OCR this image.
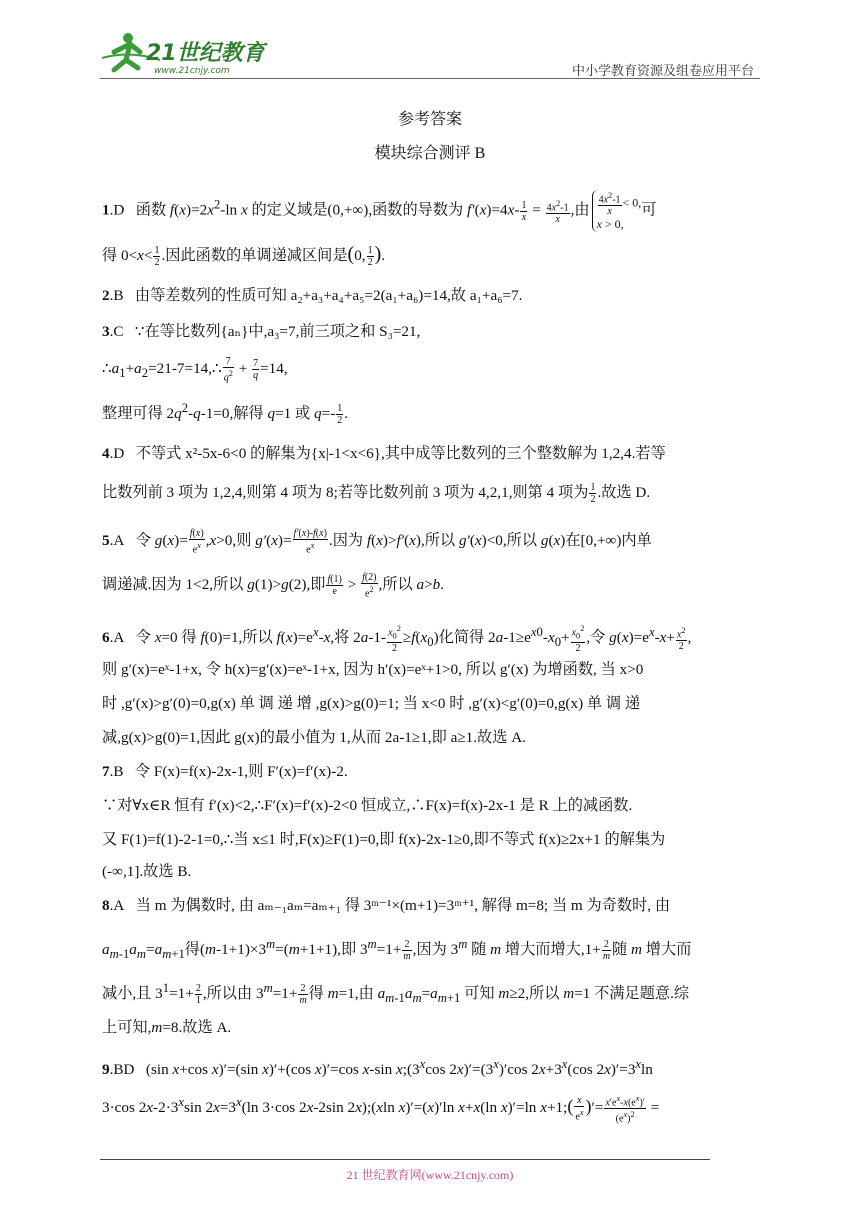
21世纪教育
www.21cnjy.com	中小学教育资源及组卷应用平台
参考答案
模块综合测评 B
1.D   函数 $f(x)=2x^2-\ln$ x 的定义域是(0,+∞),函数的导数为 $f'(x)=4x- \frac{1}{x} = \frac{4x^2-1}{x}$ ,由 $\frac{4x^2-1}{x} < 0$,
x > 0,可
得 $0<x< \frac{1}{2}$ .因此函数的单调递减区间是(0, $\frac{1}{2}$ ).
2.B 由等差数列的性质可知 a₂+a₃+a₄+a₅=2(a₁+a₆)=14,故 a₁+a₆=7.
3.C ∵在等比数列{aₙ}中,a₃=7,前三项之和 S₃=21,
$\therefore a_1+a_2=21-7=14,\therefore \frac{7}{q^2} + \frac{7}{q} =14$,
整理可得 $2q^2-q-1=0$,解得 q=1 或 $q=- \frac{1}{2}$ .
4.D 不等式 x²-5x-6<0 的解集为{x|-1<x<6},其中成等比数列的三个整数解为 1,2,4.若等
比数列前 3 项为 1,2,4,则第 4 项为 8;若等比数列前 3 项为 4,2,1,则第 4 项为 $\frac{1}{2}$ .故选 D.
5.A   令 $g(x)= \frac{f(x)}{e^x} ,x>0$,则 $g'(x)= \frac{f'(x)-f(x)}{e^x}$ .因为 f(x)>f′(x),所以 g′(x)<0,所以 g(x)在[0,+∞)内单
调递减.因为 1<2,所以 g(1)>g(2),即 $\frac{f(1)}{e} > \frac{f(2)}{e^2}$ ,所以 a>b.
6.A   令 x=0 得 f(0)=1,所以 $f(x)=e^x-x$,将 $2a-1- \frac{x_0^2}{2} \ge f(x_0)$化简得 $2a-1\ge e^{x0}-x_0+ \frac{x_0^2}{2}$ ,令 $g(x)=e^x-x+ \frac{x^2}{2}$ ,
则 g′(x)=eˣ-1+x, 令 h(x)=g′(x)=eˣ-1+x, 因为 h′(x)=eˣ+1>0, 所以 g′(x) 为增函数, 当 x>0
时 ,g′(x)>g′(0)=0,g(x) 单 调 递 增 ,g(x)>g(0)=1; 当 x<0 时 ,g′(x)<g′(0)=0,g(x) 单 调 递
减,g(x)>g(0)=1,因此 g(x)的最小值为 1,从而 2a-1≥1,即 a≥1.故选 A.
7.B 令 F(x)=f(x)-2x-1,则 F′(x)=f′(x)-2.
∵对∀x∈R 恒有 f′(x)<2,∴F′(x)=f′(x)-2<0 恒成立,∴F(x)=f(x)-2x-1 是 R 上的减函数.
又 F(1)=f(1)-2-1=0,∴当 x≤1 时,F(x)≥F(1)=0,即 f(x)-2x-1≥0,即不等式 f(x)≥2x+1 的解集为
(-∞,1].故选 B.
8.A 当 m 为偶数时, 由 aₘ₋₁aₘ=aₘ₊₁ 得 3ᵐ⁻¹×(m+1)=3ᵐ⁺¹, 解得 m=8; 当 m 为奇数时, 由
$a_{m-1}a_m=a_{m+1}$得$(m-1+1)\times 3^m=(m+1+1)$,即 $3^m=1+ \frac{2}{m}$ ,因为 3$^m$ 随 m 增大而增大$,1+ \frac{2}{m}$ 随 m 增大而
减小,且 $3^1=1+ \frac{2}{1}$ ,所以由 $3^m=1+ \frac{2}{m}$ 得 m=1,由 $a_{m-1}a_m=a_{m+1}$ 可知 m≥2,所以 m=1 不满足题意.综
上可知,m=8.故选 A.
9.BD   (sin x+cos x)′=(sin x)′+(cos x)′=cos x-sin x;(3$^x$cos $2x)'=(3^x)'\cos$ $2x+3^x(\cos$ $2x)'=3^x\ln$
3·cos $2x-2\cdot 3^x\sin$ $2x=3^x(\ln$ 3·cos 2x-2sin 2x);(xln x)′=(x)′ln x+x(ln x)′=ln x+1;( $\frac{x}{e^x}$ )′= $\frac{x'e^x-x(e^x)'}{(e^x)^2}$ =
21 世纪教育网(www.21cnjy.com)
